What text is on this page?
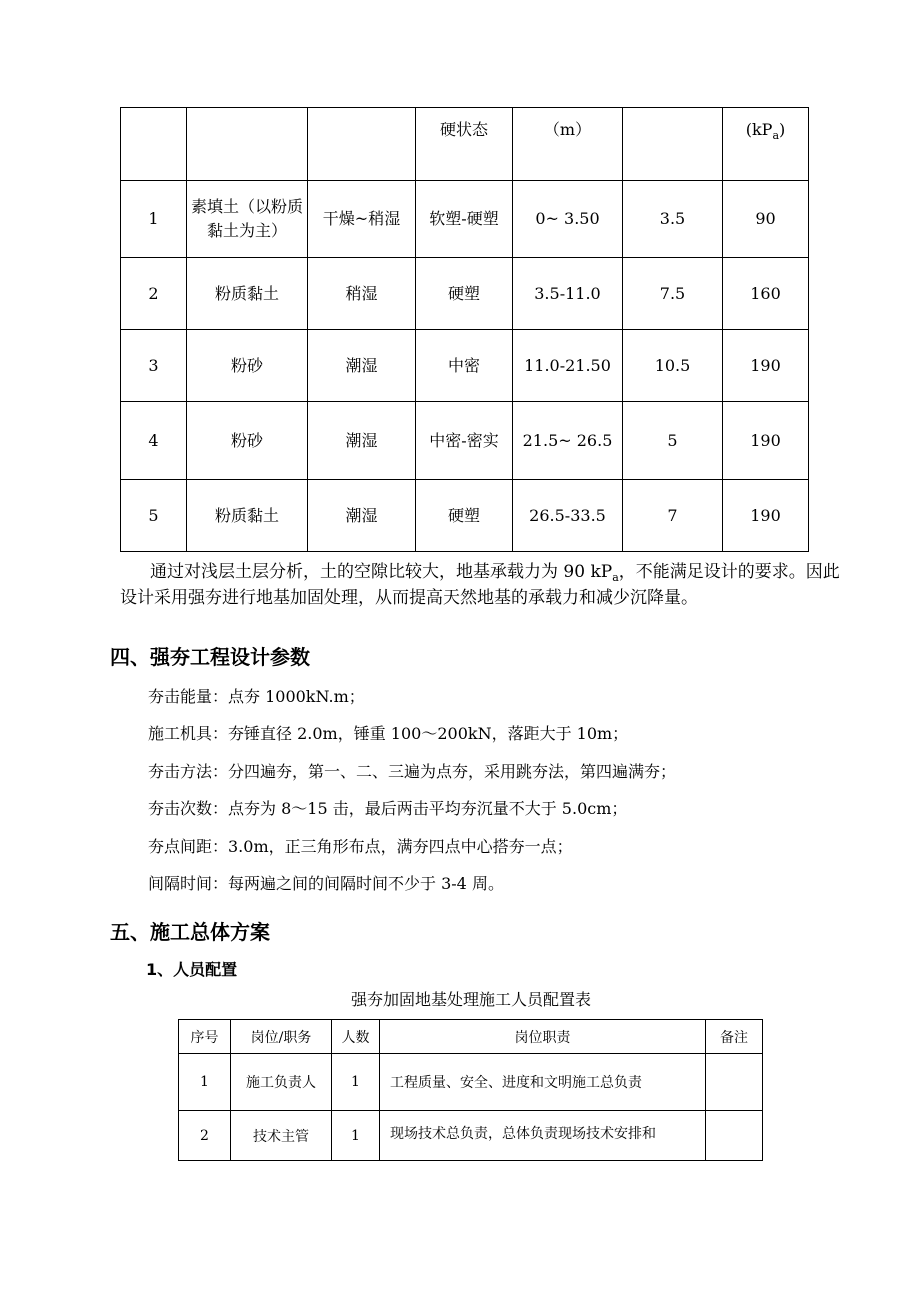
			硬状态	（m）		$(kP_a)$
1	素填土（以粉质黏土为主）	干燥~稍湿	软塑-硬塑	0~ 3.50	3.5	90
2	粉质黏土	稍湿	硬塑	3.5-11.0	7.5	160
3	粉砂	潮湿	中密	11.0-21.50	10.5	190
4	粉砂	潮湿	中密-密实	21.5~ 26.5	5	190
5	粉质黏土	潮湿	硬塑	26.5-33.5	7	190
通过对浅层土层分析，土的空隙比较大，地基承载力为 90 $kP_a$，不能满足设计的要求。因此设计采用强夯进行地基加固处理，从而提高天然地基的承载力和减少沉降量。
四、强夯工程设计参数
夯击能量：点夯 1000kN.m；
施工机具：夯锤直径 2.0m，锤重 100～200kN，落距大于 10m；
夯击方法：分四遍夯，第一、二、三遍为点夯，采用跳夯法，第四遍满夯；
夯击次数：点夯为 8～15 击，最后两击平均夯沉量不大于 5.0cm；
夯点间距：3.0m，正三角形布点，满夯四点中心搭夯一点；
间隔时间：每两遍之间的间隔时间不少于 3-4 周。
五、施工总体方案
1、人员配置
强夯加固地基处理施工人员配置表
序号	岗位/职务	人数	岗位职责	备注
1	施工负责人	1	工程质量、安全、进度和文明施工总负责	
2	技术主管	1	现场技术总负责，总体负责现场技术安排和	
